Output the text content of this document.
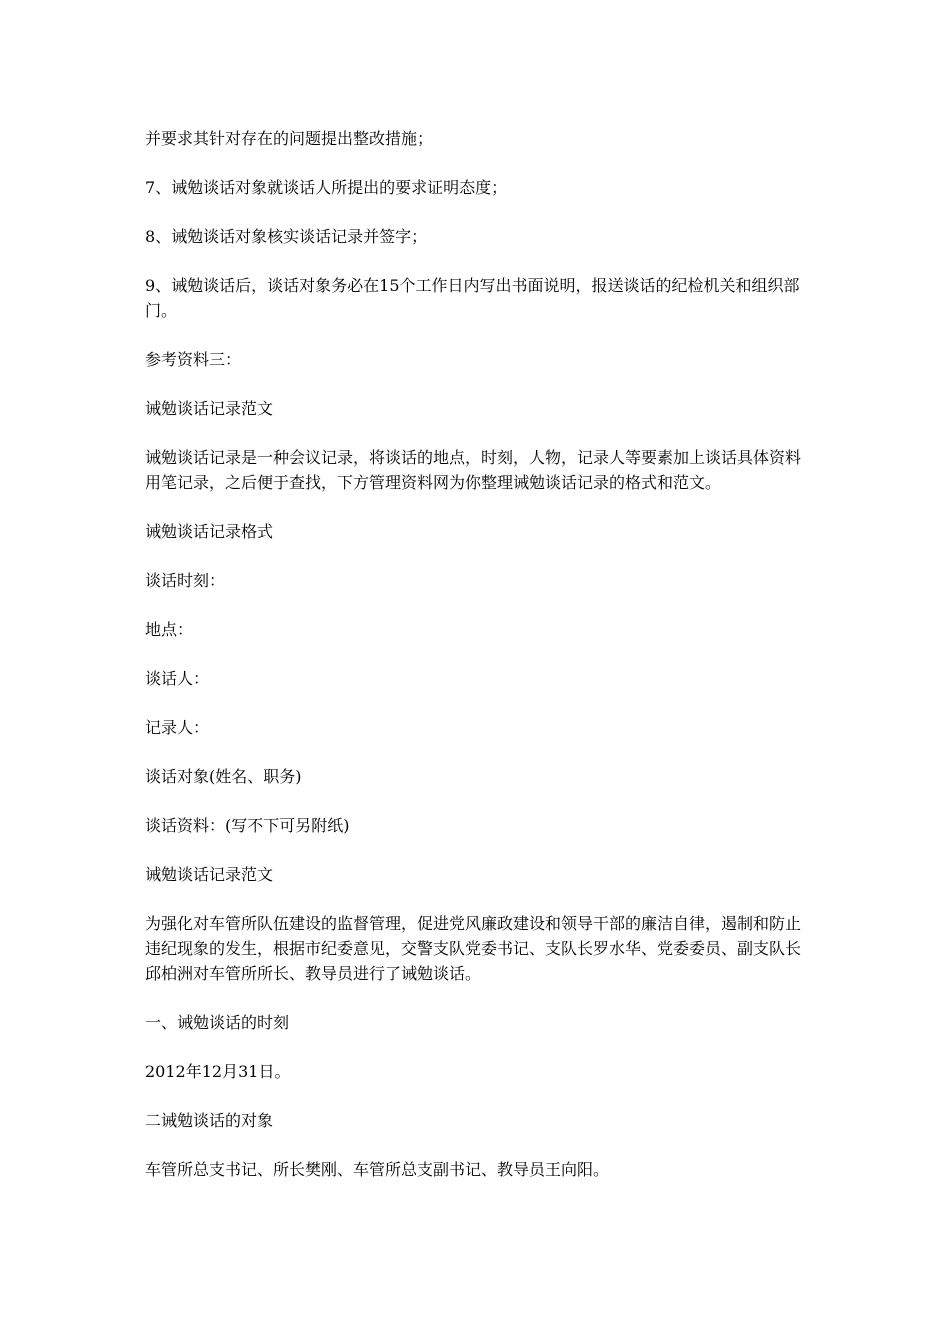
并要求其针对存在的问题提出整改措施；

7、诫勉谈话对象就谈话人所提出的要求证明态度；

8、诫勉谈话对象核实谈话记录并签字；

9、诫勉谈话后，谈话对象务必在15个工作日内写出书面说明，报送谈话的纪检机关和组织部门。

参考资料三：

诫勉谈话记录范文

诫勉谈话记录是一种会议记录，将谈话的地点，时刻，人物，记录人等要素加上谈话具体资料用笔记录，之后便于查找，下方管理资料网为你整理诫勉谈话记录的格式和范文。

诫勉谈话记录格式

谈话时刻：

地点：

谈话人：

记录人：

谈话对象(姓名、职务)

谈话资料：(写不下可另附纸)

诫勉谈话记录范文

为强化对车管所队伍建设的监督管理，促进党风廉政建设和领导干部的廉洁自律，遏制和防止违纪现象的发生，根据市纪委意见，交警支队党委书记、支队长罗水华、党委委员、副支队长邱柏洲对车管所所长、教导员进行了诫勉谈话。

一、诫勉谈话的时刻

2012年12月31日。

二诫勉谈话的对象

车管所总支书记、所长樊刚、车管所总支副书记、教导员王向阳。
